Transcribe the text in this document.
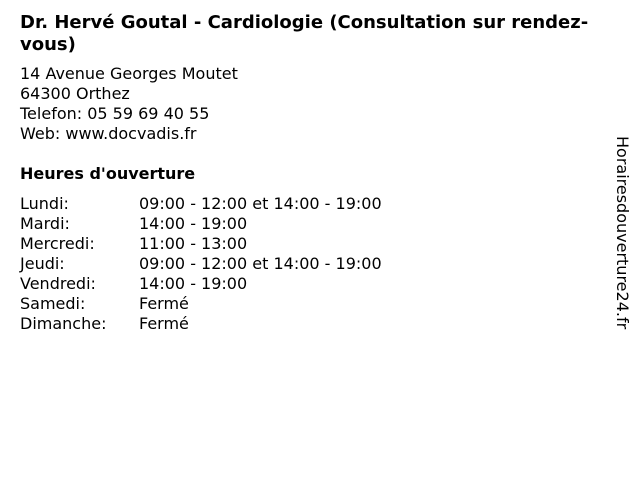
Dr. Hervé Goutal - Cardiologie (Consultation sur rendez-vous)
14 Avenue Georges Moutet
64300 Orthez
Telefon: 05 59 69 40 55
Web: www.docvadis.fr
Heures d'ouverture
Lundi:	09:00 - 12:00 et 14:00 - 19:00
Mardi:	14:00 - 19:00
Mercredi:	11:00 - 13:00
Jeudi:	09:00 - 12:00 et 14:00 - 19:00
Vendredi:	14:00 - 19:00
Samedi:	Fermé
Dimanche:	Fermé	Horairesdouverture24.fr
